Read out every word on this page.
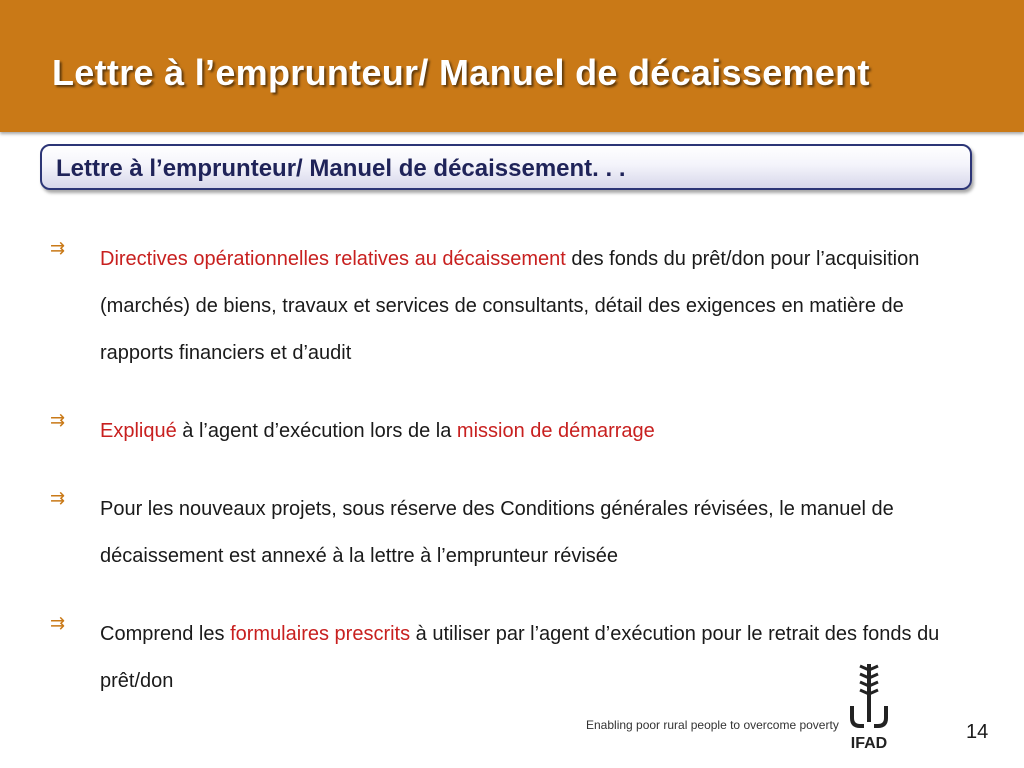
Lettre à l’emprunteur/ Manuel de décaissement
Lettre à l’emprunteur/ Manuel de décaissement. . .
⇉ Directives opérationnelles relatives au décaissement des fonds du prêt/don pour l’acquisition (marchés) de biens, travaux et services de consultants, détail des exigences en matière de rapports financiers et d’audit
⇉ Expliqué à l’agent d’exécution lors de la mission de démarrage
⇉ Pour les nouveaux projets, sous réserve des Conditions générales révisées, le manuel de décaissement est annexé à la lettre à l’emprunteur révisée
⇉ Comprend les formulaires prescrits à utiliser par l’agent d’exécution pour le retrait des fonds du prêt/don
Enabling poor rural people to overcome poverty
IFAD
14
